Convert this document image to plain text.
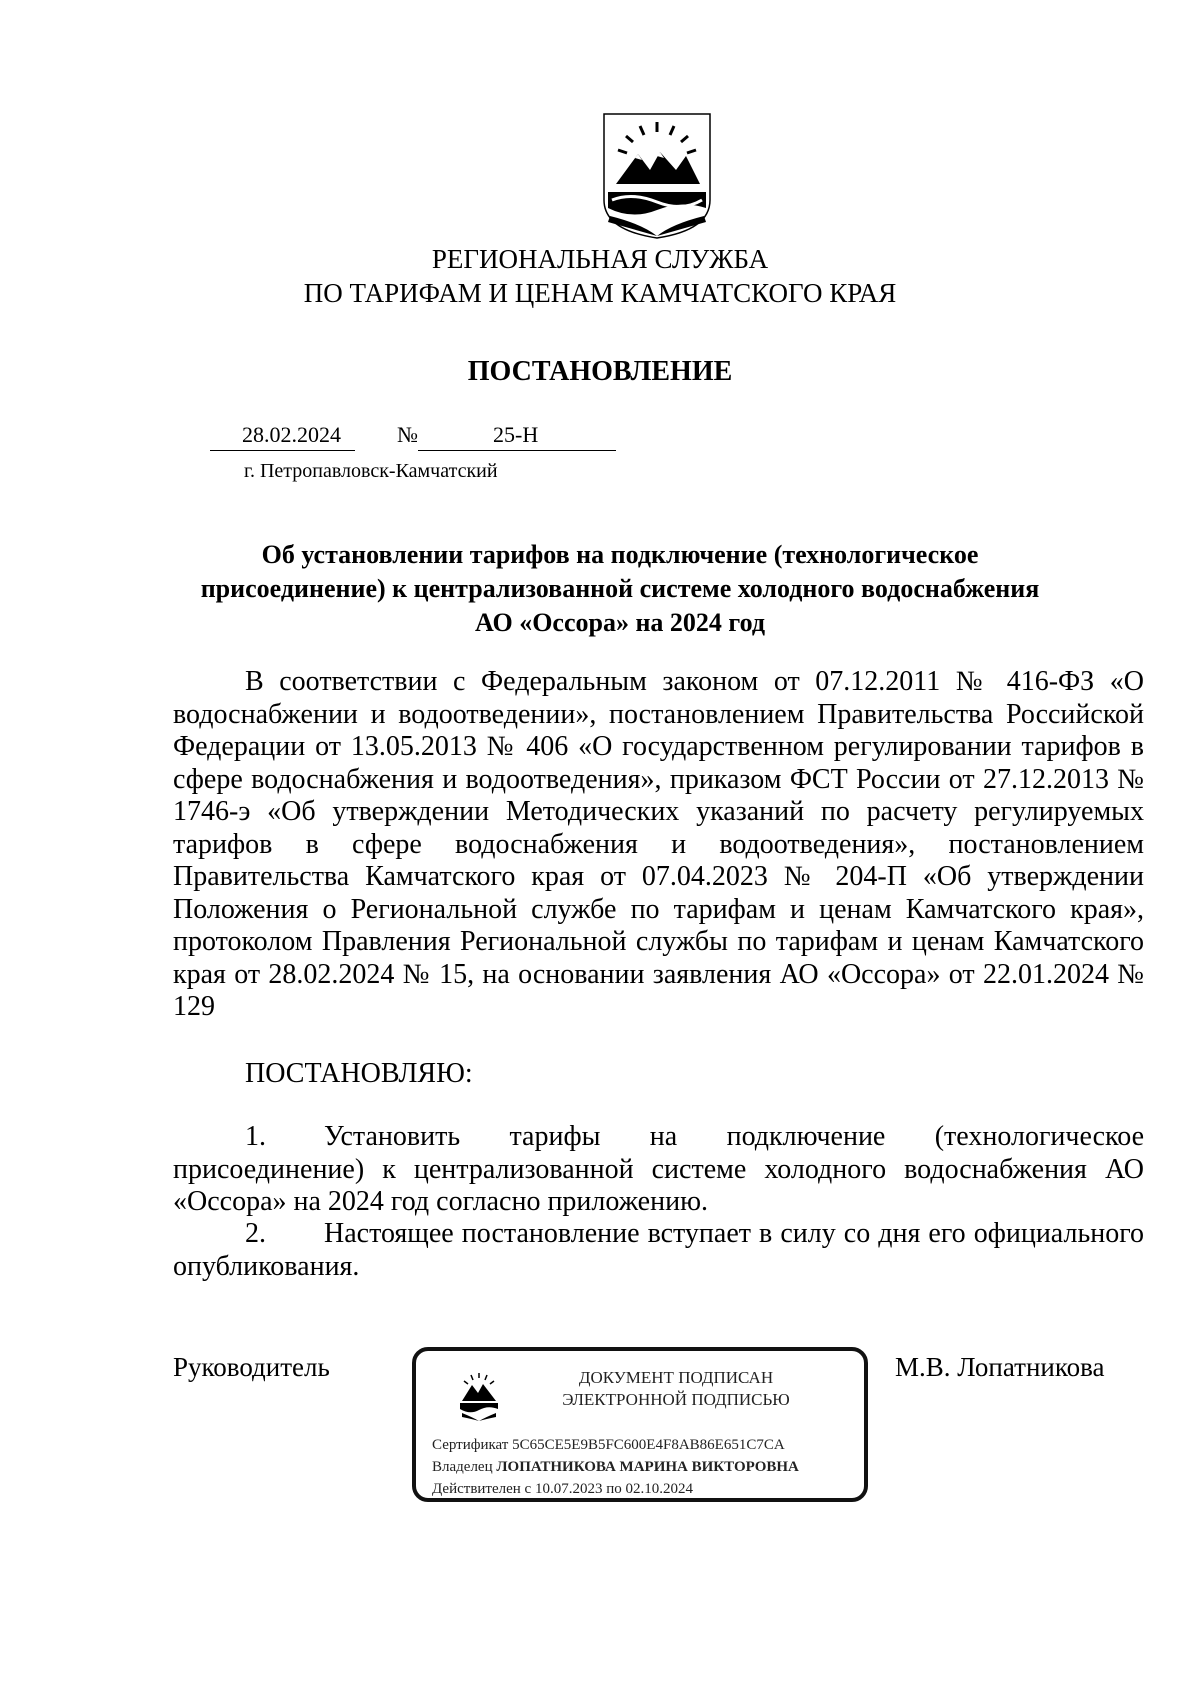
РЕГИОНАЛЬНАЯ СЛУЖБА
ПО ТАРИФАМ И ЦЕНАМ КАМЧАТСКОГО КРАЯ
ПОСТАНОВЛЕНИЕ
28.02.2024	№	25-Н
г. Петропавловск-Камчатский
Об установлении тарифов на подключение (технологическое
присоединение) к централизованной системе холодного водоснабжения
АО «Оссора» на 2024 год
В соответствии с Федеральным законом от 07.12.2011 № 416-ФЗ «О водоснабжении и водоотведении», постановлением Правительства Российской Федерации от 13.05.2013 № 406 «О государственном регулировании тарифов в сфере водоснабжения и водоотведения», приказом ФСТ России от 27.12.2013 № 1746-э «Об утверждении Методических указаний по расчету регулируемых тарифов в сфере водоснабжения и водоотведения», постановлением Правительства Камчатского края от 07.04.2023 № 204-П «Об утверждении Положения о Региональной службе по тарифам и ценам Камчатского края», протоколом Правления Региональной службы по тарифам и ценам Камчатского края от 28.02.2024 № 15, на основании заявления АО «Оссора» от 22.01.2024 № 129
ПОСТАНОВЛЯЮ:
1. Установить тарифы на подключение (технологическое присоединение) к централизованной системе холодного водоснабжения АО «Оссора» на 2024 год согласно приложению.
2. Настоящее постановление вступает в силу со дня его официального опубликования.
Руководитель	М.В. Лопатникова
ДОКУМЕНТ ПОДПИСАН
ЭЛЕКТРОННОЙ ПОДПИСЬЮ
Сертификат 5C65CE5E9B5FC600E4F8AB86E651C7CA
Владелец ЛОПАТНИКОВА МАРИНА ВИКТОРОВНА
Действителен с 10.07.2023 по 02.10.2024
